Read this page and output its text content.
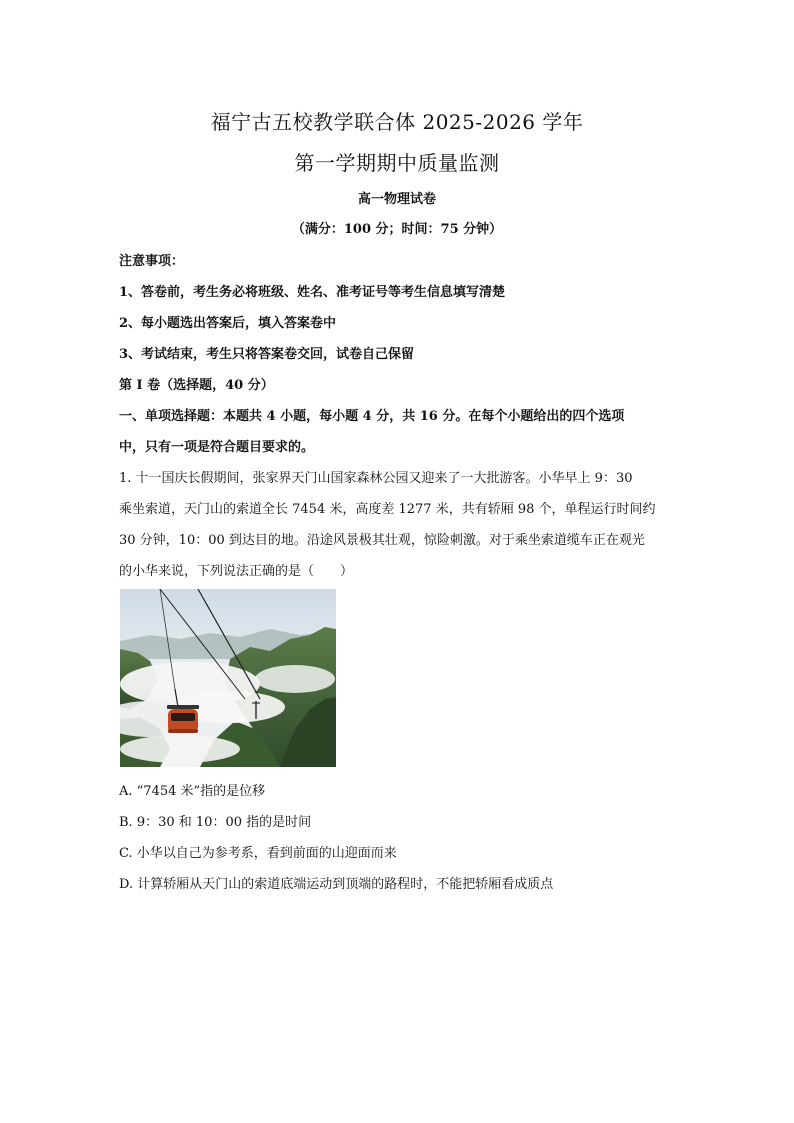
福宁古五校教学联合体 2025-2026 学年
第一学期期中质量监测
高一物理试卷
（满分：100 分；时间：75 分钟）
注意事项：
1、答卷前，考生务必将班级、姓名、准考证号等考生信息填写清楚
2、每小题选出答案后，填入答案卷中
3、考试结束，考生只将答案卷交回，试卷自己保留
第 I 卷（选择题，40 分）
一、单项选择题：本题共 4 小题，每小题 4 分，共 16 分。在每个小题给出的四个选项
中，只有一项是符合题目要求的。
1. 十一国庆长假期间，张家界天门山国家森林公园又迎来了一大批游客。小华早上 9：30
乘坐索道，天门山的索道全长 7454 米，高度差 1277 米，共有轿厢 98 个，单程运行时间约
30 分钟，10：00 到达目的地。沿途风景极其壮观，惊险刺激。对于乘坐索道缆车正在观光
的小华来说，下列说法正确的是（　　）
A. “7454 米”指的是位移
B. 9：30 和 10：00 指的是时间
C. 小华以自己为参考系，看到前面的山迎面而来
D. 计算轿厢从天门山的索道底端运动到顶端的路程时，不能把轿厢看成质点
